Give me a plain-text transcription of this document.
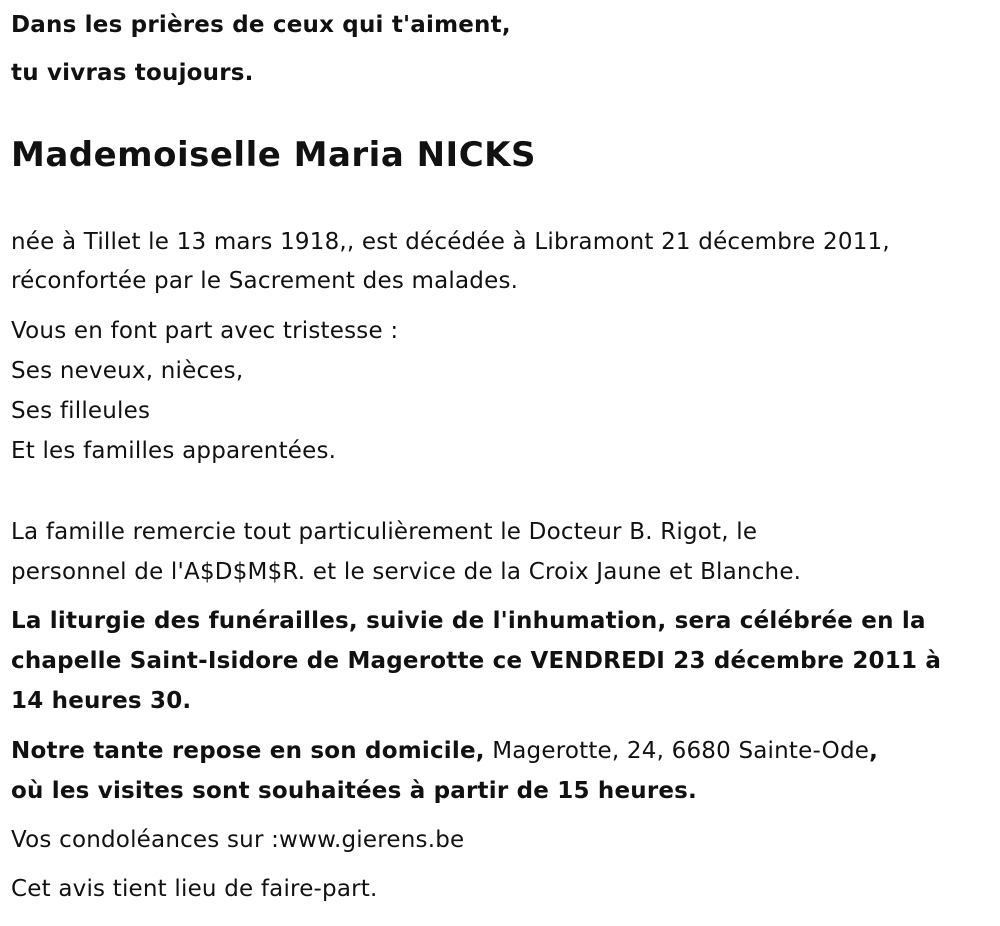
Dans les prières de ceux qui t'aiment,
tu vivras toujours.
Mademoiselle Maria NICKS
née à Tillet le 13 mars 1918,, est décédée à Libramont 21 décembre 2011,
réconfortée par le Sacrement des malades.
Vous en font part avec tristesse :
Ses neveux, nièces,
Ses filleules
Et les familles apparentées.
La famille remercie tout particulièrement le Docteur B. Rigot, le
personnel de l'A$D$M$R. et le service de la Croix Jaune et Blanche.
La liturgie des funérailles, suivie de l'inhumation, sera célébrée en la
chapelle Saint-Isidore de Magerotte ce VENDREDI 23 décembre 2011 à
14 heures 30.
Notre tante repose en son domicile, Magerotte, 24, 6680 Sainte-Ode,
où les visites sont souhaitées à partir de 15 heures.
Vos condoléances sur :www.gierens.be
Cet avis tient lieu de faire-part.
